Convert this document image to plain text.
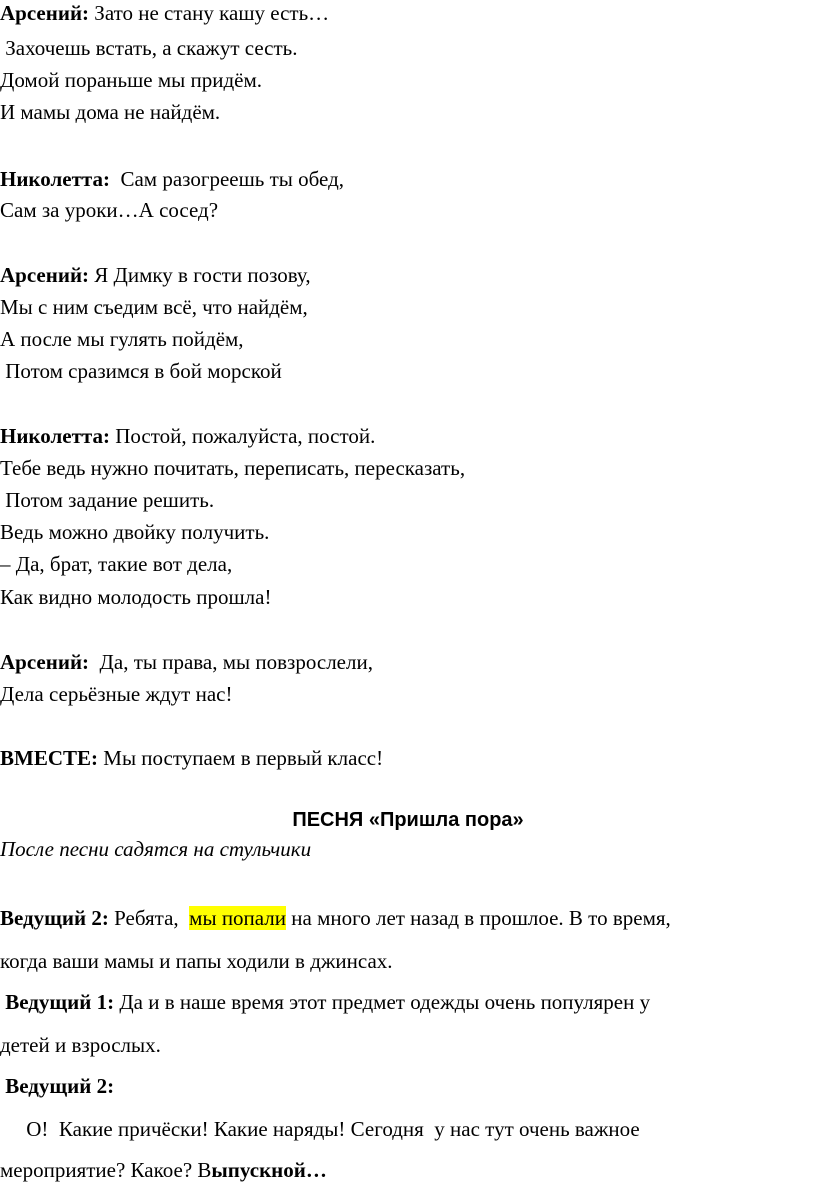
Арсений: Зато не стану кашу есть…
Захочешь встать, а скажут сесть.
Домой пораньше мы придём.
И мамы дома не найдём.
Николетта:  Сам разогреешь ты обед,
Сам за уроки…А сосед?
Арсений: Я Димку в гости позову,
Мы с ним съедим всё, что найдём,
А после мы гулять пойдём,
Потом сразимся в бой морской
Николетта: Постой, пожалуйста, постой.
Тебе ведь нужно почитать, переписать, пересказать,
Потом задание решить.
Ведь можно двойку получить.
– Да, брат, такие вот дела,
Как видно молодость прошла!
Арсений:  Да, ты права, мы повзрослели,
Дела серьёзные ждут нас!
ВМЕСТЕ: Мы поступаем в первый класс!
ПЕСНЯ «Пришла пора»
После песни садятся на стульчики
Ведущий 2: Ребята,  мы попали на много лет назад в прошлое. В то время,
когда ваши мамы и папы ходили в джинсах.
Ведущий 1: Да и в наше время этот предмет одежды очень популярен у
детей и взрослых.
Ведущий 2:
О!  Какие причёски! Какие наряды! Сегодня  у нас тут очень важное
мероприятие? Какое? Выпускной…
